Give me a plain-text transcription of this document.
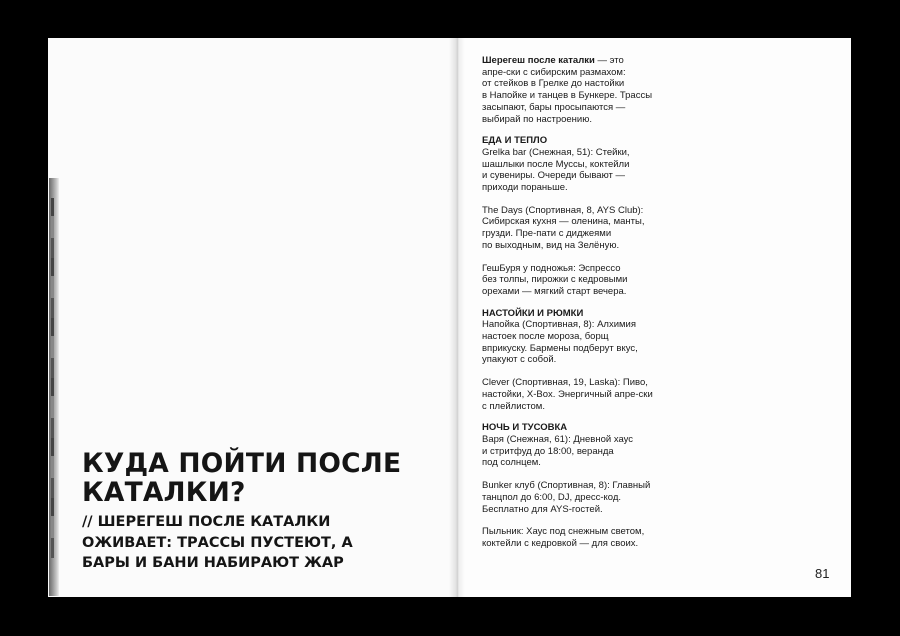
КУДА ПОЙТИ ПОСЛЕ КАТАЛКИ?

// ШЕРЕГЕШ ПОСЛЕ КАТАЛКИ ОЖИВАЕТ: ТРАССЫ ПУСТЕЮТ, А БАРЫ И БАНИ НАБИРАЮТ ЖАР

Шерегеш после каталки — это
апре-ски с сибирским размахом:
от стейков в Грелке до настойки
в Напойке и танцев в Бункере. Трассы
засыпают, бары просыпаются —
выбирай по настроению.

ЕДА И ТЕПЛО

Grelka bar (Снежная, 51): Стейки,
шашлыки после Муссы, коктейли
и сувениры. Очереди бывают —
приходи пораньше.

The Days (Спортивная, 8, AYS Club):
Сибирская кухня — оленина, манты,
грузди. Пре-пати с диджеями
по выходным, вид на Зелёную.

ГешБуря у подножья: Эспрессо
без толпы, пирожки с кедровыми
орехами — мягкий старт вечера.

НАСТОЙКИ И РЮМКИ

Напойка (Спортивная, 8): Алхимия
настоек после мороза, борщ
вприкуску. Бармены подберут вкус,
упакуют с собой.

Clever (Спортивная, 19, Laska): Пиво,
настойки, X-Box. Энергичный апре-ски
с плейлистом.

НОЧЬ И ТУСОВКА

Варя (Снежная, 61): Дневной хаус
и стритфуд до 18:00, веранда
под солнцем.

Bunker клуб (Спортивная, 8): Главный
танцпол до 6:00, DJ, дресс-код.
Бесплатно для AYS-гостей.

Пыльник: Хаус под снежным светом,
коктейли с кедровкой — для своих.

81
